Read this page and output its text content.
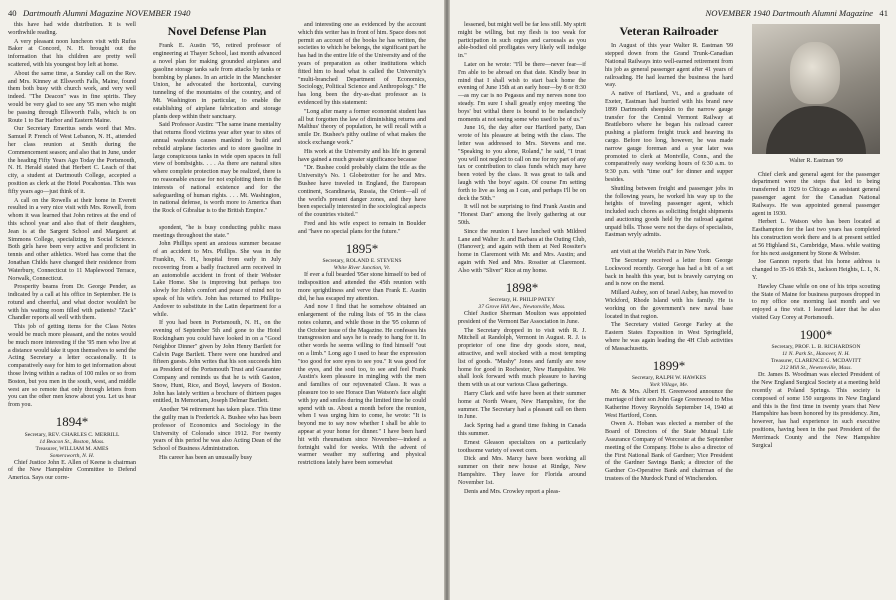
40 Dartmouth Alumni Magazine NOVEMBER 1940

this have had wide distribution. It is well worthwhile reading.

A very pleasant noon luncheon visit with Rufus Baker at Concord, N. H. brought out the information that his children are pretty well scattered, with his youngest boy left at home.

About the same time, a Sunday call on the Rev. and Mrs. Kinney at Ellsworth Falls, Maine, found them both busy with church work, and very well indeed. "The Deacon" was in fine spirits. They would be very glad to see any '95 men who might be passing through Ellsworth Falls, which is on Route 1 to Bar Harbor and Eastern Maine.

Our Secretary Emeritus sends word that Mrs. Samuel P. French of West Lebanon, N. H., attended her class reunion at Smith during the Commencement season; and also that in June, under the heading Fifty Years Ago Today the Portsmouth, N. H. Herald stated that Herbert C. Leach of that city, a student at Dartmouth College, accepted a position as clerk at the Hotel Pocahontas. This was fifty years ago—just think of it.

A call on the Rowells at their home in Everett resulted in a very nice visit with Mrs. Rowell, from whom it was learned that John retires at the end of this school year and also that of their daughters, Jean is at the Sargent School and Margaret at Simmons College, specializing in Social Science. Both girls have been very active and proficient in tennis and other athletics. Word has come that the Jonathan Childs have changed their residence from Waterbury, Connecticut to 11 Maplewood Terrace, Norwalk, Connecticut.

Prosperity beams from Dr. George Pender, as indicated by a call at his office in September. He is rotund and cheerful, and what doctor wouldn't be with his waiting room filled with patients? "Zack" Chandler reports all well with them.

This job of getting items for the Class Notes would be much more pleasant, and the notes would be much more interesting if the '95 men who live at a distance would take it upon themselves to send the Acting Secretary a letter occasionally. It is comparatively easy for him to get information about those living within a radius of 100 miles or so from Boston, but you men in the south, west, and middle west are so remote that only through letters from you can the other men know about you. Let us hear from you.

1894*
Secretary, REV. CHARLES C. MERRILL
14 Beacon St., Boston, Mass.
Treasurer, WILLIAM M. AMES
Somersworth, N. H.

Chief Justice John E. Allen of Keene is chairman of the New Hampshire Committee to Defend America. Says our corre-

Novel Defense Plan

Frank E. Austin '95, retired professor of engineering at Thayer School, last month advanced a novel plan for making grounded airplanes and gasoline storage tanks safe from attacks by tanks or bombing by planes. In an article in the Manchester Union, he advocated the horizontal, curving tunneling of the mountains of the country, and of Mt. Washington in particular, to enable the establishing of airplane fabrication and storage plants deep within their sanctuary.

Said Professor Austin: "The same inane mentality that returns flood victims year after year to sites of annual washouts causes mankind to build and rebuild airplane factories and to store gasoline in large conspicuous tanks in wide open spaces in full view of bombsights. . . . As there are natural sites where complete protection may be realized, there is no reasonable excuse for not exploiting them in the interests of national existence and for the safeguarding of human rights. . . . Mt. Washington, in national defense, is worth more to America than the Rock of Gibraltar is to the British Empire."

spondent, "he is busy conducting public mass meetings throughout the state."

John Phillips spent an anxious summer because of an accident to Mrs. Phillips. She was in the Franklin, N. H., hospital from early in July recovering from a badly fractured arm received in an automobile accident in front of their Webster Lake Home. She is improving but perhaps too slowly for John's comfort and peace of mind not to speak of his wife's. John has returned to Phillips-Andover to substitute in the Latin department for a while.

If you had been in Portsmouth, N. H., on the evening of September 5th and gone to the Hotel Rockingham you could have looked in on a "Good Neighbor Dinner" given by John Henry Bartlett for Calvin Page Bartlett. There were one hundred and fifteen guests. John writes that his son succeeds him as President of the Portsmouth Trust and Guarantee Company and reminds us that he is with Gaston, Snow, Hunt, Rice, and Boyd, lawyers of Boston. John has lately written a brochure of thirteen pages entitled, In Memoriam, Joseph Delmar Bartlett.

Another '94 retirement has taken place. This time the guilty man is Frederick A. Bushee who has been professor of Economics and Sociology in the University of Colorado since 1912. For twenty years of this period he was also Acting Dean of the School of Business Administration.

His career has been an unusually busy

and interesting one as evidenced by the account which this writer has in front of him. Space does not permit an account of the books he has written, the societies to which he belongs, the significant part he has had in the entire life of the University and of the years of preparation as other institutions which fitted him to head what is called the University's "multi-branched Department of Economics, Sociology, Political Science and Anthropology." He has long been the dry-as-dust professor as is evidenced by this statement:

"Long after many a former economist student has all but forgotten the law of diminishing returns and Malthus' theory of population, he will recall with a smile Dr. Bushee's pithy outline of what makes the stock exchange work."

His work at the University and his life in general have gained a much greater significance because

"Dr. Bushee could probably claim the title as the University's No. 1 Globetrotter for he and Mrs. Bushee have traveled in England, the European continent, Scandinavia, Russia, the Orient—all of the world's present danger zones, and they have been especially interested in the sociological aspects of the countries visited."

Fred and his wife expect to remain in Boulder and "have no special plans for the future."

1895*
Secretary, ROLAND E. STEVENS
White River Junction, Vt.

If ever a full bearded '95er stone himself to bed of indisposition and attended the 45th reunion with more sprightliness and verve than Frank E. Austin did, he has escaped my attention.

And now I find that he somehow obtained an enlargement of the ruling lists of '95 in the class notes column, and while those in the '95 column of the October issue of the Magazine. He confesses his transgression and says he is ready to hang for it. In other words he seems willing to find himself "out on a limb." Long ago I used to hear the expression "too good for sore eyes to see you." It was good for the eyes, and the soul too, to see and feel Frank Austin's keen pleasure in mingling with the men and families of our rejuvenated Class. It was a pleasure too to see Horace Dan Watson's face alight with joy and smiles during the limited time he could spend with us. About a month before the reunion, when I was urging him to come, he wrote: "It is beyond me to say now whether I shall be able to appear at your home for dinner." I have been hard hit with rheumatism since November—indeed a fortnight valid for weeks. With the advent of warmer weather my suffering and physical restrictions lately have been somewhat

NOVEMBER 1940 Dartmouth Alumni Magazine 41

lessened, but might well be far less still. My spirit might be willing, but my flesh is too weak for participation in such orgies and carousals as you able-bodied old profligates very likely will indulge in."

Later on he wrote: "I'll be there—never fear—if I'm able to be abroad on that date. Kindly bear in mind that I shall wish to start back home the evening of June 15th at an early hour—by 8 or 8:30—as my car is no Pegasus and my nerves none too steady. I'm sure I shall greatly enjoy meeting 'the boys' but withal there is bound to be melancholy moments at not seeing some who used to be of us."

June 16, the day after our Hartford party, Dan wrote of his pleasure at being with the class. The letter was addressed to Mrs. Stevens and me. "Speaking to you alone, Roland," he said, "I trust you will not neglect to call on me for my part of any tax or contribution to class funds which may have been voted by the class. It was great to talk and laugh with 'the boys' again. Of course I'm setting forth to live as long as I can, and perhaps I'll be on deck the 50th."

It will not be surprising to find Frank Austin and "Honest Dan" among the lively gathering at our 50th.

Since the reunion I have lunched with Mildred Lane and Walter Jr. and Barbara at the Outing Club, (Hanover); and again with them at Ned Rossiter's home in Claremont with Mr. and Mrs. Austin; and again with Ned and Mrs. Rossiter at Claremont. Also with "Sliver" Rice at my home.

1898*
Secretary, H. PHILIP PATEY
37 Grove Hill Ave., Newtonville, Mass.

Chief Justice Sherman Moulton was appointed president of the Vermont Bar Association in June.

The Secretary dropped in to visit with R. J. Mitchell at Randolph, Vermont in August. R. J. is proprietor of one fine dry goods store, neat, attractive, and well stocked with a most tempting list of goods. "Mushy" Jones and family are now home for good in Rochester, New Hampshire. We shall look forward with much pleasure to having them with us at our various Class gatherings.

Harry Clark and wife have been at their summer home at North Weare, New Hampshire, for the summer. The Secretary had a pleasant call on them in June.

Jack Spring had a grand time fishing in Canada this summer.

Ernest Gleason specializes on a particularly toothsome variety of sweet corn.

Dick and Mrs. Marcy have been working all summer on their new house at Rindge, New Hampshire. They leave for Florida around November 1st.

Denis and Mrs. Crowley report a pleas-

Veteran Railroader

In August of this year Walter R. Eastman '99 stepped down from the Grand Trunk-Canadian National Railways into well-earned retirement from his job as general passenger agent after 41 years of railroading. He had learned the business the hard way.

A native of Hartland, Vt., and a graduate of Exeter, Eastman had hurried with his brand new 1899 Dartmouth sheepskin to the narrow gauge transfer for the Central Vermont Railway at Brattleboro where he began his railroad career pushing a platform freight truck and heaving its cargo. Before too long, however, he was made narrow gauge foreman and a year later was promoted to clerk at Montville, Conn., and the comparatively easy working hours of 6:30 a.m. to 9:30 p.m. with "time out" for dinner and supper besides.

Shuttling between freight and passenger jobs in the following years, he worked his way up to the heights of traveling passenger agent, which included such chores as soliciting freight shipments and auctioning goods held by the railroad against unpaid bills. Those were not the days of specialists, Eastman wryly admits.

ant visit at the World's Fair in New York.

The Secretary received a letter from George Lockwood recently. George has had a bit of a set back in health this year, but is bravely carrying on and is now on the mend.

Millard Aubey, son of Israel Aubey, has moved to Wickford, Rhode Island with his family. He is working on the government's new naval base located in that region.

The Secretary visited George Farley at the Eastern States Exposition in West Springfield, where he was again leading the 4H Club activities of Massachusetts.

1899*
Secretary, RALPH W. HAWKES
York Village, Me.

Mr. & Mrs. Albert H. Greenwood announce the marriage of their son John Gage Greenwood to Miss Katherine Hovey Reynolds September 14, 1940 at West Hartford, Conn.

Owen A. Hoban was elected a member of the Board of Directors of the State Mutual Life Assurance Company of Worcester at the September meeting of the Company. Hobe is also a director of the First National Bank of Gardner; Vice President of the Gardner Savings Bank; a director of the Gardner Co-Operative Bank and chairman of the trustees of the Murdock Fund of Winchendon.

Walter R. Eastman '99

Chief clerk and general agent for the passenger department were the steps that led to being transferred in 1929 to Chicago as assistant general passenger agent for the Canadian National Railways. He was appointed general passenger agent in 1930.

Herbert L. Watson who has been located at Easthampton for the last two years has completed his construction work there and is at present settled at 56 Highland St., Cambridge, Mass. while waiting for his next assignment by Stone & Webster.

Joe Gannon reports that his home address is changed to 35-16 85th St., Jackson Heights, L. I., N. Y.

Hawley Chase while on one of his trips scouting the State of Maine for business purposes dropped in to my office one morning last month and we enjoyed a fine visit. I learned later that he also visited Guy Corey at Portsmouth.

1900*
Secretary, PROF. L. B. RICHARDSON
11 N. Park St., Hanover, N. H.
Treasurer, CLARENCE G. MCDAVITT
212 Mill St., Newtonville, Mass.

Dr. James B. Woodman was elected President of the New England Surgical Society at a meeting held recently at Poland Springs. This society is composed of some 150 surgeons in New England and this is the first time in twenty years that New Hampshire has been honored by its presidency. Jim, however, has had experience in such executive positions, having been in the past President of the Merrimack County and the New Hampshire Surgical
